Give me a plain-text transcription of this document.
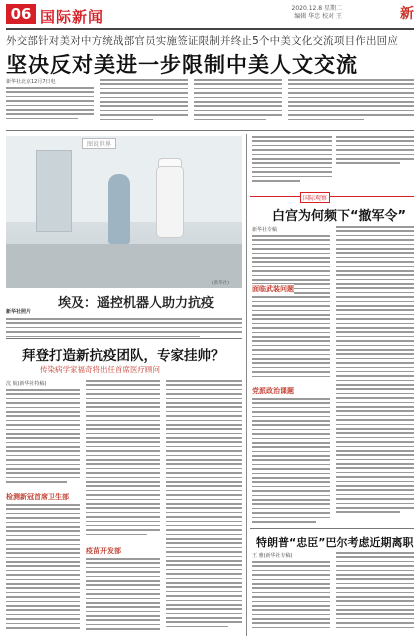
06 国际新闻	2020.12.8 星期二
编辑 华忠 校对 王	新
外交部针对美对中方统战部官员实施签证限制并终止5个中美文化交流项目作出回应
坚决反对美进一步限制中美人文交流
新华社北京12月7日电
图说世界
(新华社)
埃及：遥控机器人助力抗疫
新华社照片
拜登打造新抗疫团队，专家挂帅？
传染病学家福奇将出任首席医疗顾问
沈 航(新华社特稿)
检测新冠首席卫生部
疫苗开发部
国际观察
白宫为何频下“撤军令”
新华社专稿
面临武装问题
党派政治课题
特朗普“忠臣”巴尔考虑近期离职
王 雅(新华社专稿)
